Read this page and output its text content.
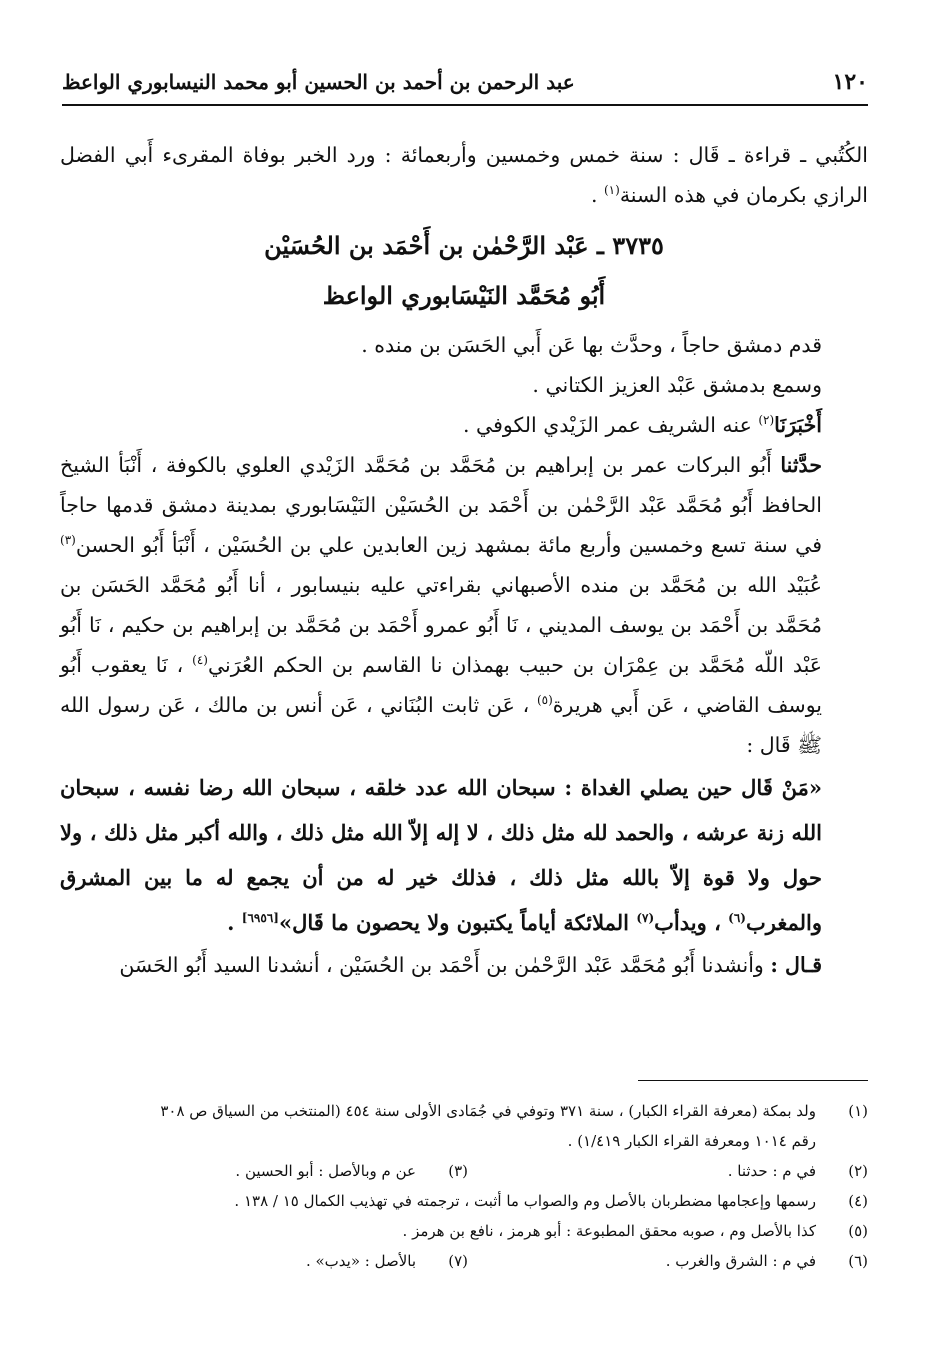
١٢٠
عبد الرحمن بن أحمد بن الحسين أبو محمد النيسابوري الواعظ

الكُتُبي ـ قراءة ـ قَال : سنة خمس وخمسين وأربعمائة : ورد الخبر بوفاة المقرىء أَبي الفضل الرازي بكرمان في هذه السنة$^{(١)}$ .

٣٧٣٥ ـ عَبْد الرَّحْمٰن بن أَحْمَد بن الحُسَيْن

أَبُو مُحَمَّد النَيْسَابوري الواعظ

قدم دمشق حاجاً ، وحدَّث بها عَن أَبي الحَسَن بن منده .

وسمع بدمشق عَبْد العزيز الكتاني .

أَخْبَرَنَا$^{(٢)}$ عنه الشريف عمر الزَيْدي الكوفي .

حدَّثنا أَبُو البركات عمر بن إبراهيم بن مُحَمَّد بن مُحَمَّد الزَيْدي العلوي بالكوفة ، أَنْبَأ الشيخ الحافظ أَبُو مُحَمَّد عَبْد الرَّحْمٰن بن أَحْمَد بن الحُسَيْن النَيْسَابوري بمدينة دمشق قدمها حاجاً في سنة تسع وخمسين وأربع مائة بمشهد زين العابدين علي بن الحُسَيْن ، أَنْبَأ أَبُو الحسن$^{(٣)}$ عُبَيْد الله بن مُحَمَّد بن منده الأصبهاني بقراءتي عليه بنيسابور ، أنا أَبُو مُحَمَّد الحَسَن بن مُحَمَّد بن أَحْمَد بن يوسف المديني ، نَا أَبُو عمرو أَحْمَد بن مُحَمَّد بن إبراهيم بن حكيم ، نَا أَبُو عَبْد اللّه مُحَمَّد بن عِمْرَان بن حبيب بهمذان نا القاسم بن الحكم العُرَني$^{(٤)}$ ، نَا يعقوب أَبُو يوسف القاضي ، عَن أَبي هريرة$^{(٥)}$ ، عَن ثابت البُنَاني ، عَن أنس بن مالك ، عَن رسول الله ﷺ قَال :

«مَنْ قَال حين يصلي الغداة : سبحان الله عدد خلقه ، سبحان الله رضا نفسه ، سبحان الله زنة عرشه ، والحمد لله مثل ذلك ، لا إله إلاّ الله مثل ذلك ، والله أكبر مثل ذلك ، ولا حول ولا قوة إلاّ بالله مثل ذلك ، فذلك خير له من أن يجمع له ما بين المشرق والمغرب$^{(٦)}$ ، ويدأب$^{(٧)}$ الملائكة أياماً يكتبون ولا يحصون ما قَال»[٦٩٥٦] .

قـال : وأنشدنا أَبُو مُحَمَّد عَبْد الرَّحْمٰن بن أَحْمَد بن الحُسَيْن ، أنشدنا السيد أَبُو الحَسَن

(١)
ولد بمكة (معرفة القراء الكبار) ، سنة ٣٧١ وتوفي في جُمَادى الأولى سنة ٤٥٤ (المنتخب من السياق ص ٣٠٨

رقم ١٠١٤ ومعرفة القراء الكبار ١/٤١٩) .

(٢)
في م : حدثنا .
(٣)
عن م وبالأصل : أبو الحسين .
(٤)
رسمها وإعجامها مضطربان بالأصل وم والصواب ما أثبت ، ترجمته في تهذيب الكمال ١٥ / ١٣٨ .
(٥)
كذا بالأصل وم ، صوبه محقق المطبوعة : أبو هرمز ، نافع بن هرمز .
(٦)
في م : الشرق والغرب .
(٧)
بالأصل : «يدب» .
